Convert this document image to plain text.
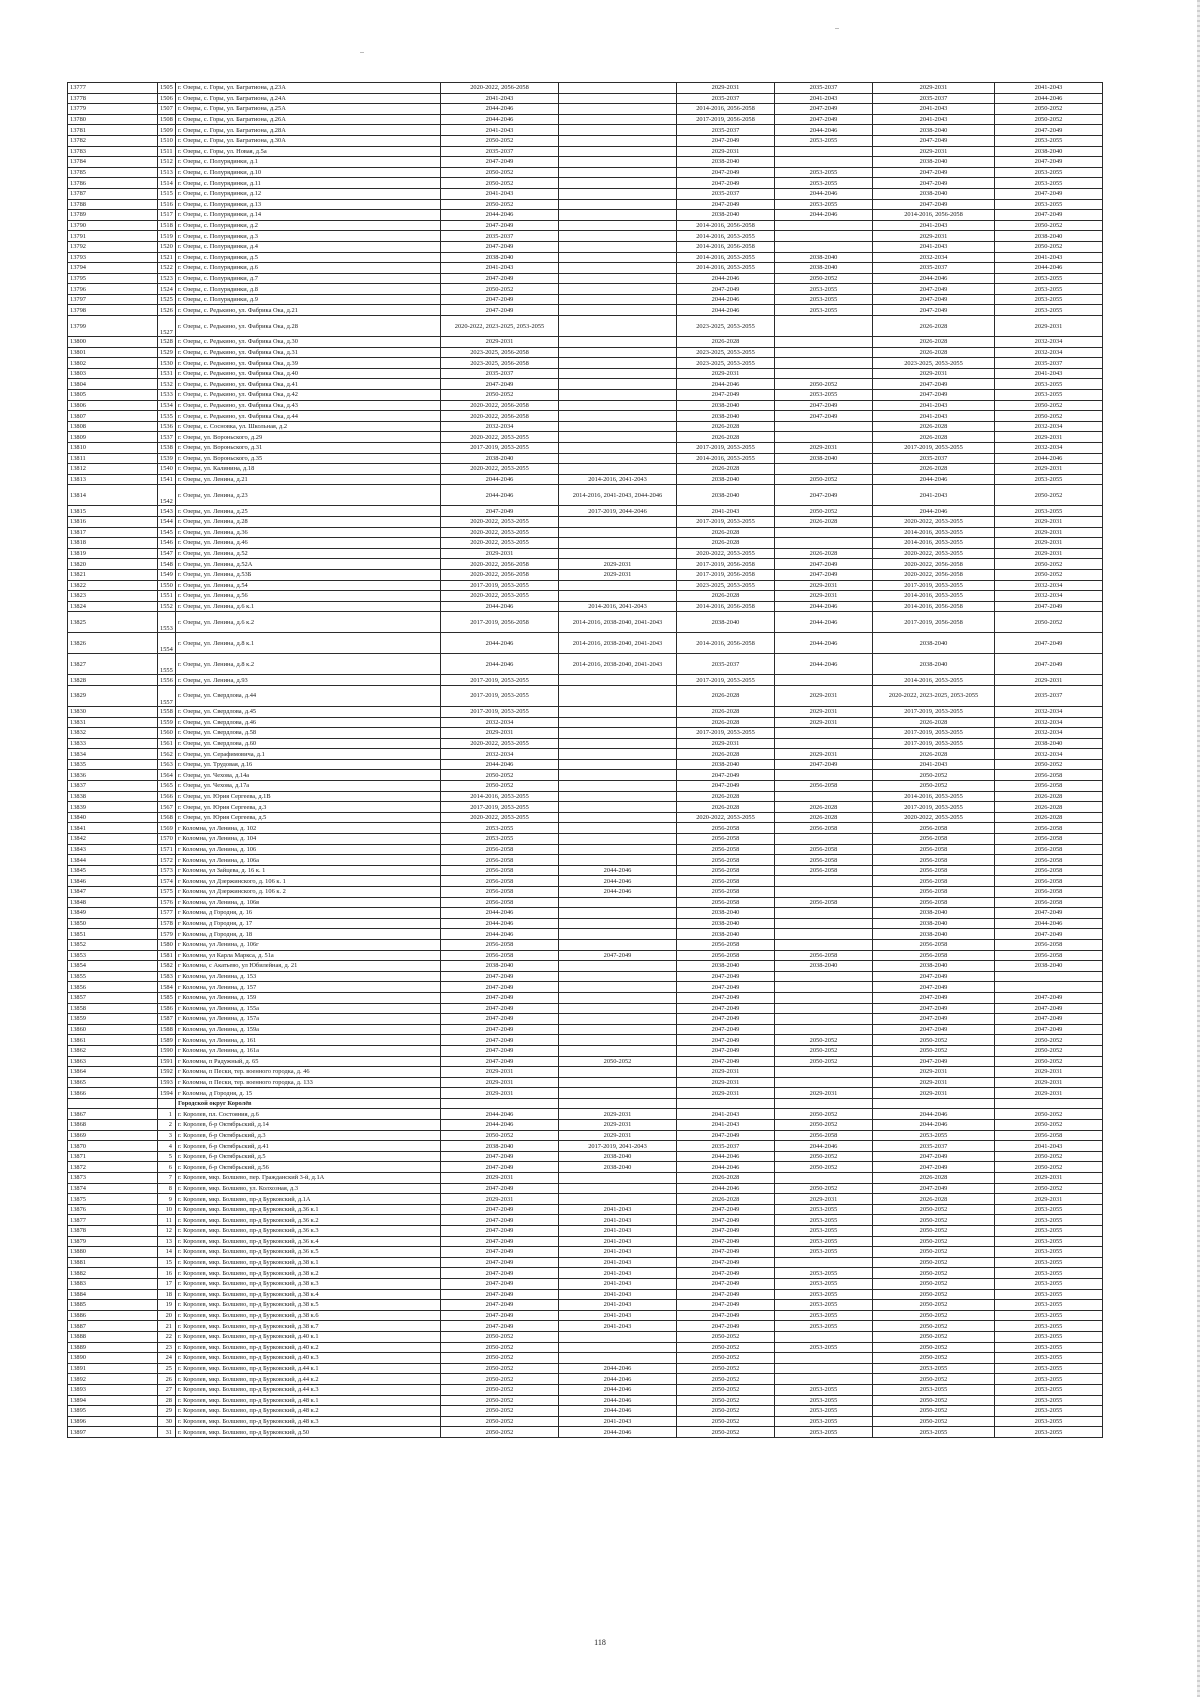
13777	1505	г. Озеры, с. Горы, ул. Багратиона, д.23А	2020-2022, 2056-2058		2029-2031	2035-2037	2029-2031	2041-2043
13778	1506	г. Озеры, с. Горы, ул. Багратиона, д.24А	2041-2043		2035-2037	2041-2043	2035-2037	2044-2046
13779	1507	г. Озеры, с. Горы, ул. Багратиона, д.25А	2044-2046		2014-2016, 2056-2058	2047-2049	2041-2043	2050-2052
13780	1508	г. Озеры, с. Горы, ул. Багратиона, д.26А	2044-2046		2017-2019, 2056-2058	2047-2049	2041-2043	2050-2052
13781	1509	г. Озеры, с. Горы, ул. Багратиона, д.28А	2041-2043		2035-2037	2044-2046	2038-2040	2047-2049
13782	1510	г. Озеры, с. Горы, ул. Багратиона, д.30А	2050-2052		2047-2049	2053-2055	2047-2049	2053-2055
13783	1511	г. Озеры, с. Горы, ул. Новая, д.5а	2035-2037		2029-2031		2029-2031	2038-2040
13784	1512	г. Озеры, с. Полурядинки, д.1	2047-2049		2038-2040		2038-2040	2047-2049
13785	1513	г. Озеры, с. Полурядинки, д.10	2050-2052		2047-2049	2053-2055	2047-2049	2053-2055
13786	1514	г. Озеры, с. Полурядинки, д.11	2050-2052		2047-2049	2053-2055	2047-2049	2053-2055
13787	1515	г. Озеры, с. Полурядинки, д.12	2041-2043		2035-2037	2044-2046	2038-2040	2047-2049
13788	1516	г. Озеры, с. Полурядинки, д.13	2050-2052		2047-2049	2053-2055	2047-2049	2053-2055
13789	1517	г. Озеры, с. Полурядинки, д.14	2044-2046		2038-2040	2044-2046	2014-2016, 2056-2058	2047-2049
13790	1518	г. Озеры, с. Полурядинки, д.2	2047-2049		2014-2016, 2056-2058		2041-2043	2050-2052
13791	1519	г. Озеры, с. Полурядинки, д.3	2035-2037		2014-2016, 2053-2055		2029-2031	2038-2040
13792	1520	г. Озеры, с. Полурядинки, д.4	2047-2049		2014-2016, 2056-2058		2041-2043	2050-2052
13793	1521	г. Озеры, с. Полурядинки, д.5	2038-2040		2014-2016, 2053-2055	2038-2040	2032-2034	2041-2043
13794	1522	г. Озеры, с. Полурядинки, д.6	2041-2043		2014-2016, 2053-2055	2038-2040	2035-2037	2044-2046
13795	1523	г. Озеры, с. Полурядинки, д.7	2047-2049		2044-2046	2050-2052	2044-2046	2053-2055
13796	1524	г. Озеры, с. Полурядинки, д.8	2050-2052		2047-2049	2053-2055	2047-2049	2053-2055
13797	1525	г. Озеры, с. Полурядинки, д.9	2047-2049		2044-2046	2053-2055	2047-2049	2053-2055
13798	1526	г. Озеры, с. Редькино, ул. Фабрика Ока, д.21	2047-2049		2044-2046	2053-2055	2047-2049	2053-2055
13799	1527	г. Озеры, с. Редькино, ул. Фабрика Ока, д.28	2020-2022, 2023-2025, 2053-2055		2023-2025, 2053-2055		2026-2028	2029-2031
13800	1528	г. Озеры, с. Редькино, ул. Фабрика Ока, д.30	2029-2031		2026-2028		2026-2028	2032-2034
13801	1529	г. Озеры, с. Редькино, ул. Фабрика Ока, д.31	2023-2025, 2056-2058		2023-2025, 2053-2055		2026-2028	2032-2034
13802	1530	г. Озеры, с. Редькино, ул. Фабрика Ока, д.39	2023-2025, 2056-2058		2023-2025, 2053-2055		2023-2025, 2053-2055	2035-2037
13803	1531	г. Озеры, с. Редькино, ул. Фабрика Ока, д.40	2035-2037		2029-2031		2029-2031	2041-2043
13804	1532	г. Озеры, с. Редькино, ул. Фабрика Ока, д.41	2047-2049		2044-2046	2050-2052	2047-2049	2053-2055
13805	1533	г. Озеры, с. Редькино, ул. Фабрика Ока, д.42	2050-2052		2047-2049	2053-2055	2047-2049	2053-2055
13806	1534	г. Озеры, с. Редькино, ул. Фабрика Ока, д.43	2020-2022, 2056-2058		2038-2040	2047-2049	2041-2043	2050-2052
13807	1535	г. Озеры, с. Редькино, ул. Фабрика Ока, д.44	2020-2022, 2056-2058		2038-2040	2047-2049	2041-2043	2050-2052
13808	1536	г. Озеры, с. Сосновка, ул. Школьная, д.2	2032-2034		2026-2028		2026-2028	2032-2034
13809	1537	г. Озеры, ул. Вороньского, д.29	2020-2022, 2053-2055		2026-2028		2026-2028	2029-2031
13810	1538	г. Озеры, ул. Вороньского, д.31	2017-2019, 2053-2055		2017-2019, 2053-2055	2029-2031	2017-2019, 2053-2055	2032-2034
13811	1539	г. Озеры, ул. Вороньского, д.35	2038-2040		2014-2016, 2053-2055	2038-2040	2035-2037	2044-2046
13812	1540	г. Озеры, ул. Калинина, д.18	2020-2022, 2053-2055		2026-2028		2026-2028	2029-2031
13813	1541	г. Озеры, ул. Ленина, д.21	2044-2046	2014-2016, 2041-2043	2038-2040	2050-2052	2044-2046	2053-2055
13814	1542	г. Озеры, ул. Ленина, д.23	2044-2046	2014-2016, 2041-2043, 2044-2046	2038-2040	2047-2049	2041-2043	2050-2052
13815	1543	г. Озеры, ул. Ленина, д.25	2047-2049	2017-2019, 2044-2046	2041-2043	2050-2052	2044-2046	2053-2055
13816	1544	г. Озеры, ул. Ленина, д.28	2020-2022, 2053-2055		2017-2019, 2053-2055	2026-2028	2020-2022, 2053-2055	2029-2031
13817	1545	г. Озеры, ул. Ленина, д.36	2020-2022, 2053-2055		2026-2028		2014-2016, 2053-2055	2029-2031
13818	1546	г. Озеры, ул. Ленина, д.46	2020-2022, 2053-2055		2026-2028		2014-2016, 2053-2055	2029-2031
13819	1547	г. Озеры, ул. Ленина, д.52	2029-2031		2020-2022, 2053-2055	2026-2028	2020-2022, 2053-2055	2029-2031
13820	1548	г. Озеры, ул. Ленина, д.52А	2020-2022, 2056-2058	2029-2031	2017-2019, 2056-2058	2047-2049	2020-2022, 2056-2058	2050-2052
13821	1549	г. Озеры, ул. Ленина, д.53Б	2020-2022, 2056-2058	2029-2031	2017-2019, 2056-2058	2047-2049	2020-2022, 2056-2058	2050-2052
13822	1550	г. Озеры, ул. Ленина, д.54	2017-2019, 2053-2055		2023-2025, 2053-2055	2029-2031	2017-2019, 2053-2055	2032-2034
13823	1551	г. Озеры, ул. Ленина, д.56	2020-2022, 2053-2055		2026-2028	2029-2031	2014-2016, 2053-2055	2032-2034
13824	1552	г. Озеры, ул. Ленина, д.6 к.1	2044-2046	2014-2016, 2041-2043	2014-2016, 2056-2058	2044-2046	2014-2016, 2056-2058	2047-2049
13825	1553	г. Озеры, ул. Ленина, д.6 к.2	2017-2019, 2056-2058	2014-2016, 2038-2040, 2041-2043	2038-2040	2044-2046	2017-2019, 2056-2058	2050-2052
13826	1554	г. Озеры, ул. Ленина, д.8 к.1	2044-2046	2014-2016, 2038-2040, 2041-2043	2014-2016, 2056-2058	2044-2046	2038-2040	2047-2049
13827	1555	г. Озеры, ул. Ленина, д.8 к.2	2044-2046	2014-2016, 2038-2040, 2041-2043	2035-2037	2044-2046	2038-2040	2047-2049
13828	1556	г. Озеры, ул. Ленина, д.93	2017-2019, 2053-2055		2017-2019, 2053-2055		2014-2016, 2053-2055	2029-2031
13829	1557	г. Озеры, ул. Свердлова, д.44	2017-2019, 2053-2055		2026-2028	2029-2031	2020-2022, 2023-2025, 2053-2055	2035-2037
13830	1558	г. Озеры, ул. Свердлова, д.45	2017-2019, 2053-2055		2026-2028	2029-2031	2017-2019, 2053-2055	2032-2034
13831	1559	г. Озеры, ул. Свердлова, д.46	2032-2034		2026-2028	2029-2031	2026-2028	2032-2034
13832	1560	г. Озеры, ул. Свердлова, д.58	2029-2031		2017-2019, 2053-2055		2017-2019, 2053-2055	2032-2034
13833	1561	г. Озеры, ул. Свердлова, д.60	2020-2022, 2053-2055		2029-2031		2017-2019, 2053-2055	2038-2040
13834	1562	г. Озеры, ул. Серафимовича, д.1	2032-2034		2026-2028	2029-2031	2026-2028	2032-2034
13835	1563	г. Озеры, ул. Трудовая, д.16	2044-2046		2038-2040	2047-2049	2041-2043	2050-2052
13836	1564	г. Озеры, ул. Чехова, д.14а	2050-2052		2047-2049		2050-2052	2056-2058
13837	1565	г. Озеры, ул. Чехова, д.17а	2050-2052		2047-2049	2056-2058	2050-2052	2056-2058
13838	1566	г. Озеры, ул. Юрия Сергеева, д.1В	2014-2016, 2053-2055		2026-2028		2014-2016, 2053-2055	2026-2028
13839	1567	г. Озеры, ул. Юрия Сергеева, д.3	2017-2019, 2053-2055		2026-2028	2026-2028	2017-2019, 2053-2055	2026-2028
13840	1568	г. Озеры, ул. Юрия Сергеева, д.5	2020-2022, 2053-2055		2020-2022, 2053-2055	2026-2028	2020-2022, 2053-2055	2026-2028
13841	1569	г Коломна, ул Ленина, д. 102	2053-2055		2056-2058	2056-2058	2056-2058	2056-2058
13842	1570	г Коломна, ул Ленина, д. 104	2053-2055		2056-2058		2056-2058	2056-2058
13843	1571	г Коломна, ул Ленина, д. 106	2056-2058		2056-2058	2056-2058	2056-2058	2056-2058
13844	1572	г Коломна, ул Ленина, д. 106а	2056-2058		2056-2058	2056-2058	2056-2058	2056-2058
13845	1573	г Коломна, ул Зайцева, д. 16 к. 1	2056-2058	2044-2046	2056-2058	2056-2058	2056-2058	2056-2058
13846	1574	г Коломна, ул Дзержинского, д. 106 к. 1	2056-2058	2044-2046	2056-2058		2056-2058	2056-2058
13847	1575	г Коломна, ул Дзержинского, д. 106 к. 2	2056-2058	2044-2046	2056-2058		2056-2058	2056-2058
13848	1576	г Коломна, ул Ленина, д. 106в	2056-2058		2056-2058	2056-2058	2056-2058	2056-2058
13849	1577	г Коломна, д Городня, д. 16	2044-2046		2038-2040		2038-2040	2047-2049
13850	1578	г Коломна, д Городня, д. 17	2044-2046		2038-2040		2038-2040	2044-2046
13851	1579	г Коломна, д Городня, д. 18	2044-2046		2038-2040		2038-2040	2047-2049
13852	1580	г Коломна, ул Ленина, д. 106г	2056-2058		2056-2058		2056-2058	2056-2058
13853	1581	г Коломна, ул Карла Маркса, д. 51а	2056-2058	2047-2049	2056-2058	2056-2058	2056-2058	2056-2058
13854	1582	г Коломна, с Акатьево, ул Юбилейная, д. 21	2038-2040		2038-2040	2038-2040	2038-2040	2038-2040
13855	1583	г Коломна, ул Ленина, д. 153	2047-2049		2047-2049		2047-2049	
13856	1584	г Коломна, ул Ленина, д. 157	2047-2049		2047-2049		2047-2049	
13857	1585	г Коломна, ул Ленина, д. 159	2047-2049		2047-2049		2047-2049	2047-2049
13858	1586	г Коломна, ул Ленина, д. 155а	2047-2049		2047-2049		2047-2049	2047-2049
13859	1587	г Коломна, ул Ленина, д. 157а	2047-2049		2047-2049		2047-2049	2047-2049
13860	1588	г Коломна, ул Ленина, д. 159а	2047-2049		2047-2049		2047-2049	2047-2049
13861	1589	г Коломна, ул Ленина, д. 161	2047-2049		2047-2049	2050-2052	2050-2052	2050-2052
13862	1590	г Коломна, ул Ленина, д. 161а	2047-2049		2047-2049	2050-2052	2050-2052	2050-2052
13863	1591	г Коломна, п Радужный, д. 65	2047-2049	2050-2052	2047-2049	2050-2052	2047-2049	2050-2052
13864	1592	г Коломна, п Пески, тер. военного городка, д. 46	2029-2031		2029-2031		2029-2031	2029-2031
13865	1593	г Коломна, п Пески, тер. военного городка, д. 133	2029-2031		2029-2031		2029-2031	2029-2031
13866	1594	г Коломна, д Городня, д. 15	2029-2031		2029-2031	2029-2031	2029-2031	2029-2031
		Городской округ Королёв						
13867	1	г. Королев, пл. Состояния, д.6	2044-2046	2029-2031	2041-2043	2050-2052	2044-2046	2050-2052
13868	2	г. Королев, б-р Октябрьский, д.14	2044-2046	2029-2031	2041-2043	2050-2052	2044-2046	2050-2052
13869	3	г. Королев, б-р Октябрьский, д.3	2050-2052	2029-2031	2047-2049	2056-2058	2053-2055	2056-2058
13870	4	г. Королев, б-р Октябрьский, д.41	2038-2040	2017-2019, 2041-2043	2035-2037	2044-2046	2035-2037	2041-2043
13871	5	г. Королев, б-р Октябрьский, д.5	2047-2049	2038-2040	2044-2046	2050-2052	2047-2049	2050-2052
13872	6	г. Королев, б-р Октябрьский, д.56	2047-2049	2038-2040	2044-2046	2050-2052	2047-2049	2050-2052
13873	7	г. Королев, мкр. Болшево, пер. Гражданский 3-й, д.1А	2029-2031		2026-2028		2026-2028	2029-2031
13874	8	г. Королев, мкр. Болшево, ул. Колхозная, д.3	2047-2049		2044-2046	2050-2052	2047-2049	2050-2052
13875	9	г. Королев, мкр. Болшево, пр-д Бурковский, д.1А	2029-2031		2026-2028	2029-2031	2026-2028	2029-2031
13876	10	г. Королев, мкр. Болшево, пр-д Бурковский, д.36 к.1	2047-2049	2041-2043	2047-2049	2053-2055	2050-2052	2053-2055
13877	11	г. Королев, мкр. Болшево, пр-д Бурковский, д.36 к.2	2047-2049	2041-2043	2047-2049	2053-2055	2050-2052	2053-2055
13878	12	г. Королев, мкр. Болшево, пр-д Бурковский, д.36 к.3	2047-2049	2041-2043	2047-2049	2053-2055	2050-2052	2053-2055
13879	13	г. Королев, мкр. Болшево, пр-д Бурковский, д.36 к.4	2047-2049	2041-2043	2047-2049	2053-2055	2050-2052	2053-2055
13880	14	г. Королев, мкр. Болшево, пр-д Бурковский, д.36 к.5	2047-2049	2041-2043	2047-2049	2053-2055	2050-2052	2053-2055
13881	15	г. Королев, мкр. Болшево, пр-д Бурковский, д.38 к.1	2047-2049	2041-2043	2047-2049		2050-2052	2053-2055
13882	16	г. Королев, мкр. Болшево, пр-д Бурковский, д.38 к.2	2047-2049	2041-2043	2047-2049	2053-2055	2050-2052	2053-2055
13883	17	г. Королев, мкр. Болшево, пр-д Бурковский, д.38 к.3	2047-2049	2041-2043	2047-2049	2053-2055	2050-2052	2053-2055
13884	18	г. Королев, мкр. Болшево, пр-д Бурковский, д.38 к.4	2047-2049	2041-2043	2047-2049	2053-2055	2050-2052	2053-2055
13885	19	г. Королев, мкр. Болшево, пр-д Бурковский, д.38 к.5	2047-2049	2041-2043	2047-2049	2053-2055	2050-2052	2053-2055
13886	20	г. Королев, мкр. Болшево, пр-д Бурковский, д.38 к.6	2047-2049	2041-2043	2047-2049	2053-2055	2050-2052	2053-2055
13887	21	г. Королев, мкр. Болшево, пр-д Бурковский, д.38 к.7	2047-2049	2041-2043	2047-2049	2053-2055	2050-2052	2053-2055
13888	22	г. Королев, мкр. Болшево, пр-д Бурковский, д.40 к.1	2050-2052		2050-2052		2050-2052	2053-2055
13889	23	г. Королев, мкр. Болшево, пр-д Бурковский, д.40 к.2	2050-2052		2050-2052	2053-2055	2050-2052	2053-2055
13890	24	г. Королев, мкр. Болшево, пр-д Бурковский, д.40 к.3	2050-2052		2050-2052		2050-2052	2053-2055
13891	25	г. Королев, мкр. Болшево, пр-д Бурковский, д.44 к.1	2050-2052	2044-2046	2050-2052		2053-2055	2053-2055
13892	26	г. Королев, мкр. Болшево, пр-д Бурковский, д.44 к.2	2050-2052	2044-2046	2050-2052		2050-2052	2053-2055
13893	27	г. Королев, мкр. Болшево, пр-д Бурковский, д.44 к.3	2050-2052	2044-2046	2050-2052	2053-2055	2053-2055	2053-2055
13894	28	г. Королев, мкр. Болшево, пр-д Бурковский, д.48 к.1	2050-2052	2044-2046	2050-2052	2053-2055	2050-2052	2053-2055
13895	29	г. Королев, мкр. Болшево, пр-д Бурковский, д.48 к.2	2050-2052	2044-2046	2050-2052	2053-2055	2050-2052	2053-2055
13896	30	г. Королев, мкр. Болшево, пр-д Бурковский, д.48 к.3	2050-2052	2041-2043	2050-2052	2053-2055	2050-2052	2053-2055
13897	31	г. Королев, мкр. Болшево, пр-д Бурковский, д.50	2050-2052	2044-2046	2050-2052	2053-2055	2053-2055	2053-2055
118
